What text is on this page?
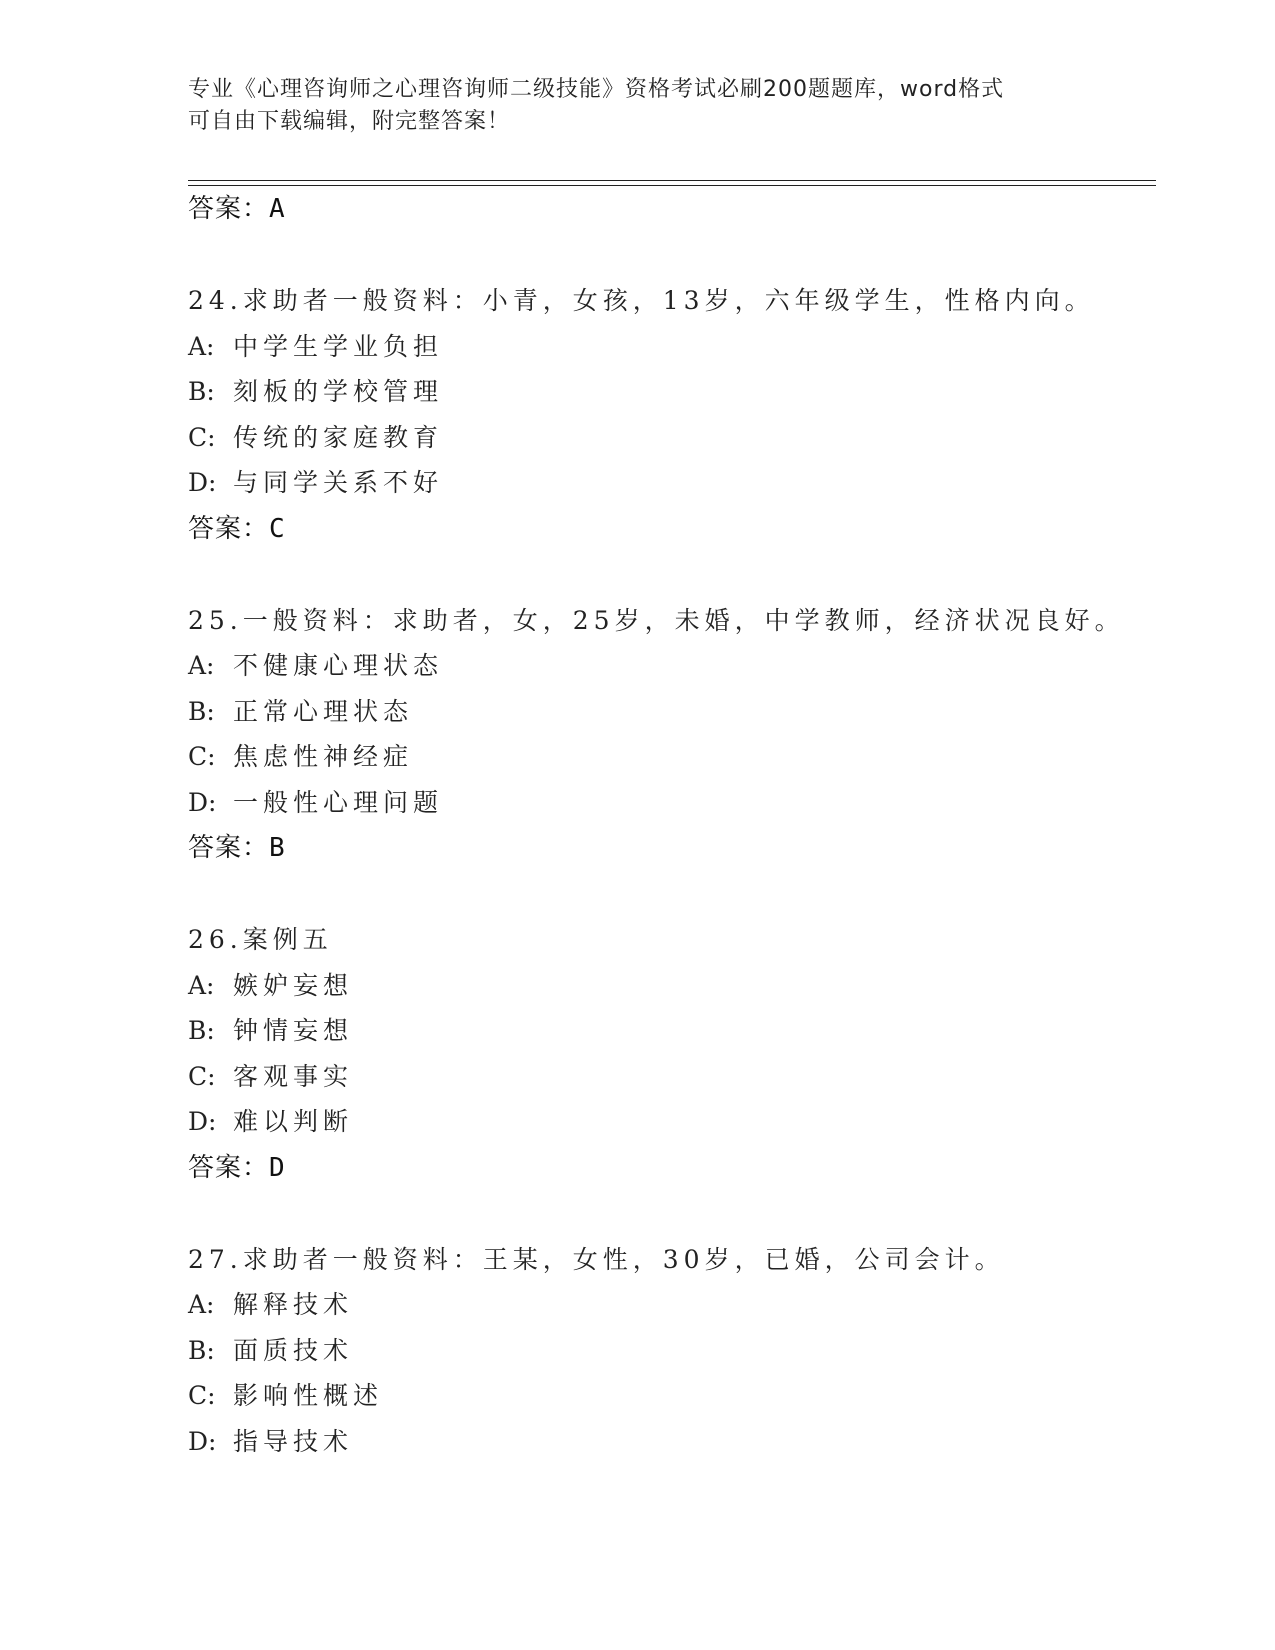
专业《心理咨询师之心理咨询师二级技能》资格考试必刷200题题库，word格式
可自由下载编辑，附完整答案！
答案：A
24.求助者一般资料：小青，女孩，13岁，六年级学生，性格内向。
A: 中学生学业负担
B: 刻板的学校管理
C: 传统的家庭教育
D: 与同学关系不好
答案：C
25.一般资料：求助者，女，25岁，未婚，中学教师，经济状况良好。
A: 不健康心理状态
B: 正常心理状态
C: 焦虑性神经症
D: 一般性心理问题
答案：B
26.案例五
A: 嫉妒妄想
B: 钟情妄想
C: 客观事实
D: 难以判断
答案：D
27.求助者一般资料：王某，女性，30岁，已婚，公司会计。
A: 解释技术
B: 面质技术
C: 影响性概述
D: 指导技术
